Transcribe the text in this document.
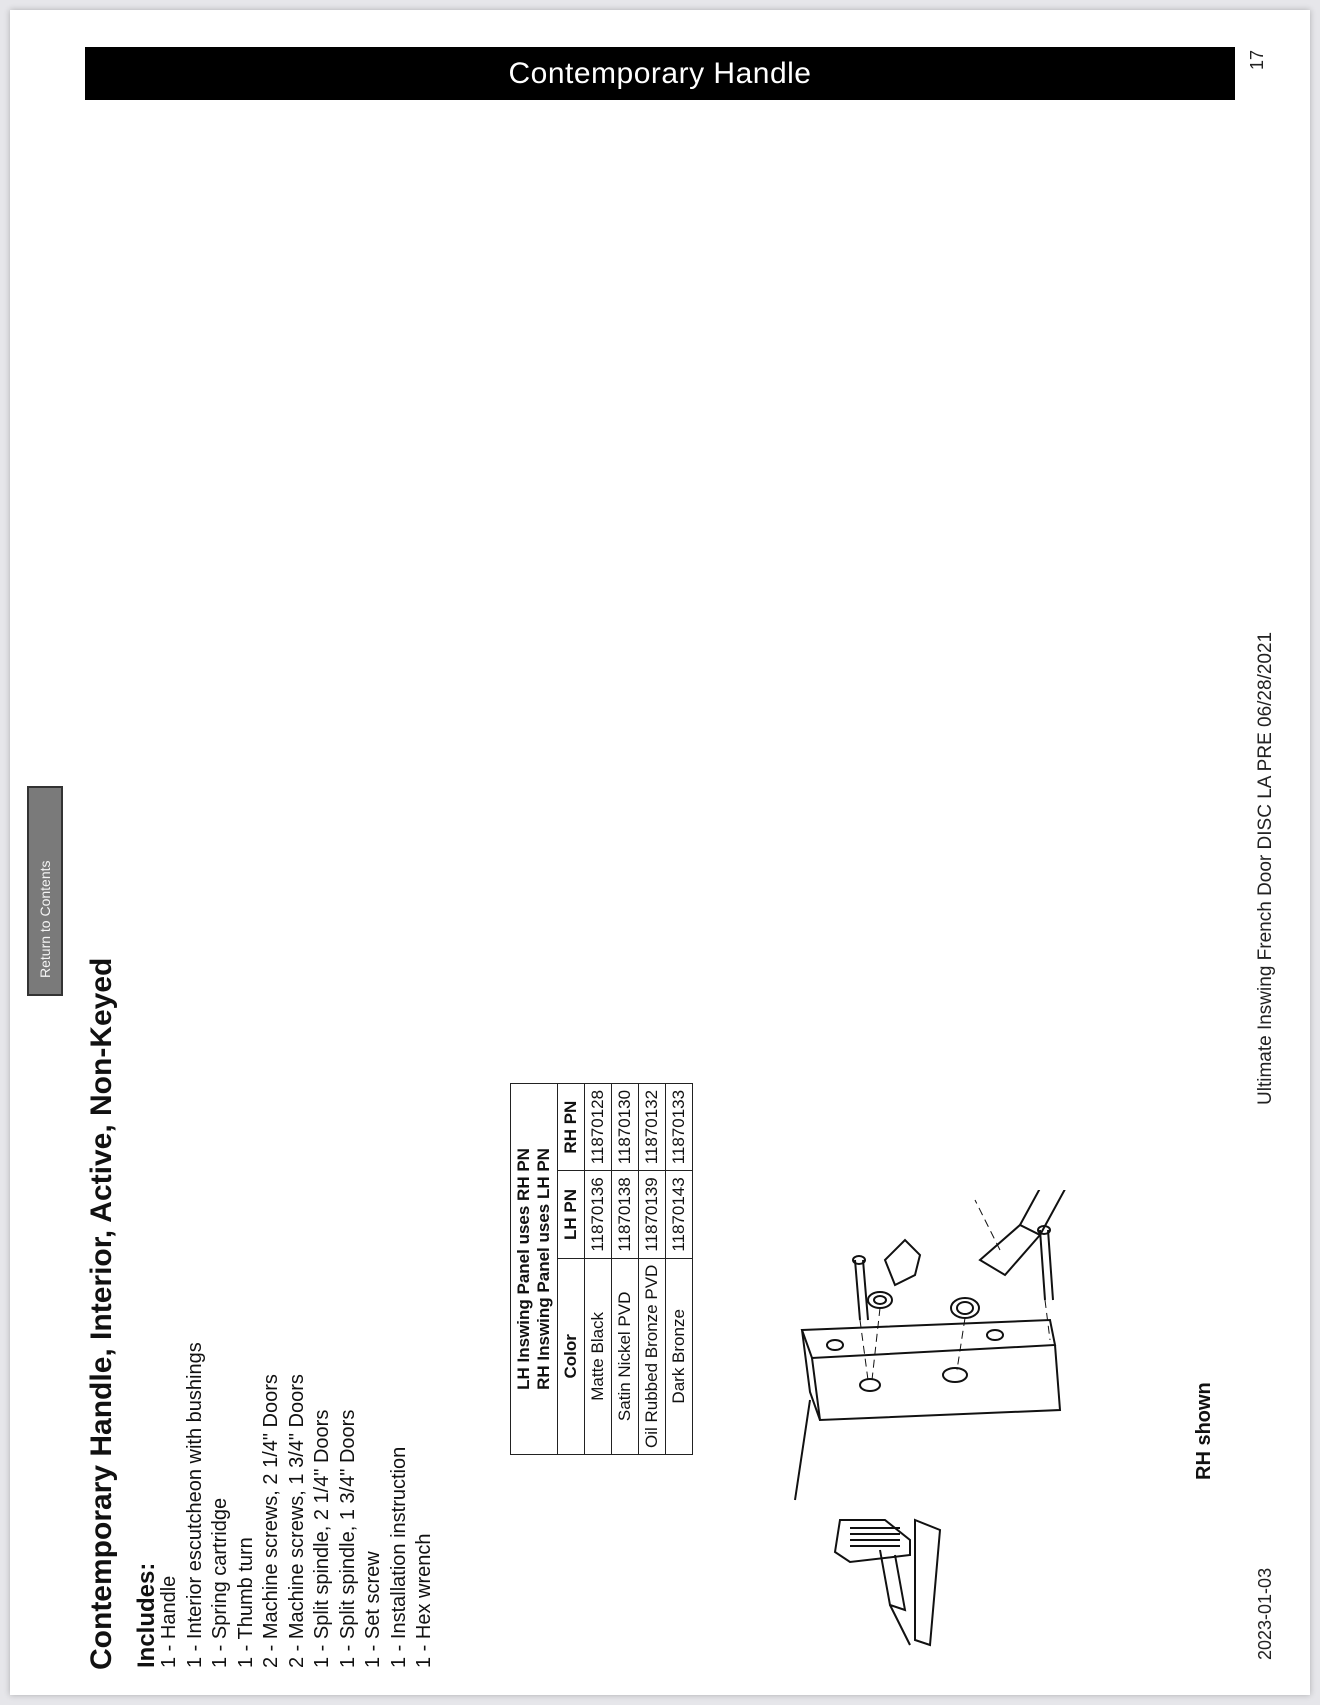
Contemporary Handle	17
Return to Contents
Contemporary Handle, Interior, Active, Non-Keyed Includes:
1 - Handle 1 - Interior escutcheon with bushings 1 - Spring cartridge 1 - Thumb turn 2 - Machine screws, 2 1/4" Doors 2 - Machine screws, 1 3/4" Doors 1 - Split spindle, 2 1/4" Doors 1 - Split spindle, 1 3/4" Doors 1 - Set screw 1 - Installation instruction 1 - Hex wrench
LH Inswing Panel uses RH PN RH Inswing Panel uses LH PN		

Color	LH PN	RH PN
Matte Black	11870136	11870128
Satin Nickel PVD	11870138	11870130
Oil Rubbed Bronze PVD	11870139	11870132
Dark Bronze	11870143	11870133
RH shown
2023-01-03
Ultimate Inswing French Door DISC LA PRE 06/28/2021
